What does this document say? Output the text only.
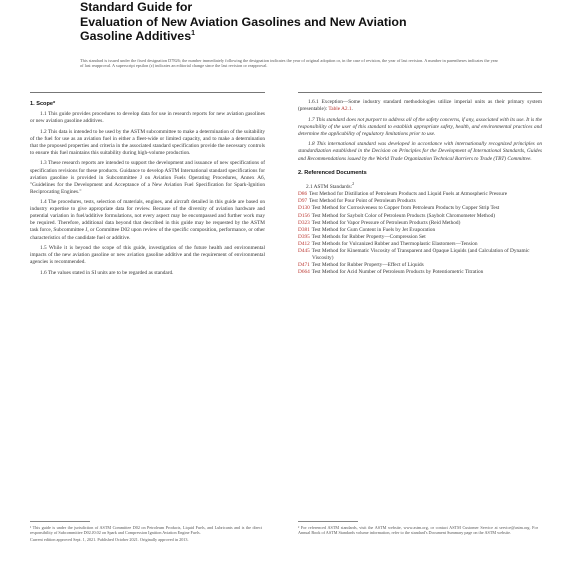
Standard Guide for
Evaluation of New Aviation Gasolines and New Aviation
Gasoline Additives$^1$
This standard is issued under the fixed designation D7826; the number immediately following the designation indicates the year of original adoption or, in the case of revision, the year of last revision. A number in parentheses indicates the year of last reapproval. A superscript epsilon (ε) indicates an editorial change since the last revision or reapproval.
1. Scope*

1.1 This guide provides procedures to develop data for use in research reports for new aviation gasolines or new aviation gasoline additives.

1.2 This data is intended to be used by the ASTM subcommittee to make a determination of the suitability of the fuel for use as an aviation fuel in either a fleet-wide or limited capacity, and to make a determination that the proposed properties and criteria in the associated standard specification provide the necessary controls to ensure this fuel maintains this suitability during high-volume production.

1.3 These research reports are intended to support the development and issuance of new specifications of specification revisions for these products. Guidance to develop ASTM International standard specifications for aviation gasoline is provided in Subcommittee J on Aviation Fuels Operating Procedures, Annex A6, "Guidelines for the Development and Acceptance of a New Aviation Fuel Specification for Spark-Ignition Reciprocating Engines."

1.4 The procedures, tests, selection of materials, engines, and aircraft detailed in this guide are based on industry expertise to give appropriate data for review. Because of the diversity of aviation hardware and potential variation in fuel/additive formulations, not every aspect may be encompassed and further work may be required. Therefore, additional data beyond that described in this guide may be requested by the ASTM task force, Subcommittee J, or Committee D02 upon review of the specific composition, performance, or other characteristics of the candidate fuel or additive.

1.5 While it is beyond the scope of this guide, investigation of the future health and environmental impacts of the new aviation gasoline or new aviation gasoline additive and the requirement of environmental agencies is recommended.

1.6 The values stated in SI units are to be regarded as standard.

1.6.1 Exception—Some industry standard methodologies utilize imperial units as their primary system (presentable): Table A2.1.

1.7 This standard does not purport to address all of the safety concerns, if any, associated with its use. It is the responsibility of the user of this standard to establish appropriate safety, health, and environmental practices and determine the applicability of regulatory limitations prior to use.

1.8 This international standard was developed in accordance with internationally recognized principles on standardization established in the Decision on Principles for the Development of International Standards, Guides and Recommendations issued by the World Trade Organization Technical Barriers to Trade (TBT) Committee.

2. Referenced Documents
2.1 ASTM Standards:$^2$
D86 Test Method for Distillation of Petroleum Products and Liquid Fuels at Atmospheric Pressure
D97 Test Method for Pour Point of Petroleum Products
D130 Test Method for Corrosiveness to Copper from Petroleum Products by Copper Strip Test
D156 Test Method for Saybolt Color of Petroleum Products (Saybolt Chromometer Method)
D323 Test Method for Vapor Pressure of Petroleum Products (Reid Method)
D381 Test Method for Gum Content in Fuels by Jet Evaporation
D395 Test Methods for Rubber Property—Compression Set
D412 Test Methods for Vulcanized Rubber and Thermoplastic Elastomers—Tension
D445 Test Method for Kinematic Viscosity of Transparent and Opaque Liquids (and Calculation of Dynamic Viscosity)
D471 Test Method for Rubber Property—Effect of Liquids
D664 Test Method for Acid Number of Petroleum Products by Potentiometric Titration

¹ This guide is under the jurisdiction of ASTM Committee D02 on Petroleum Products, Liquid Fuels, and Lubricants and is the direct responsibility of Subcommittee D02.J0.02 on Spark and Compression Ignition Aviation Engine Fuels.

Current edition approved Sept. 1, 2021. Published October 2021. Originally approved in 2013.

² For referenced ASTM standards, visit the ASTM website, www.astm.org, or contact ASTM Customer Service at service@astm.org. For Annual Book of ASTM Standards volume information, refer to the standard's Document Summary page on the ASTM website.
